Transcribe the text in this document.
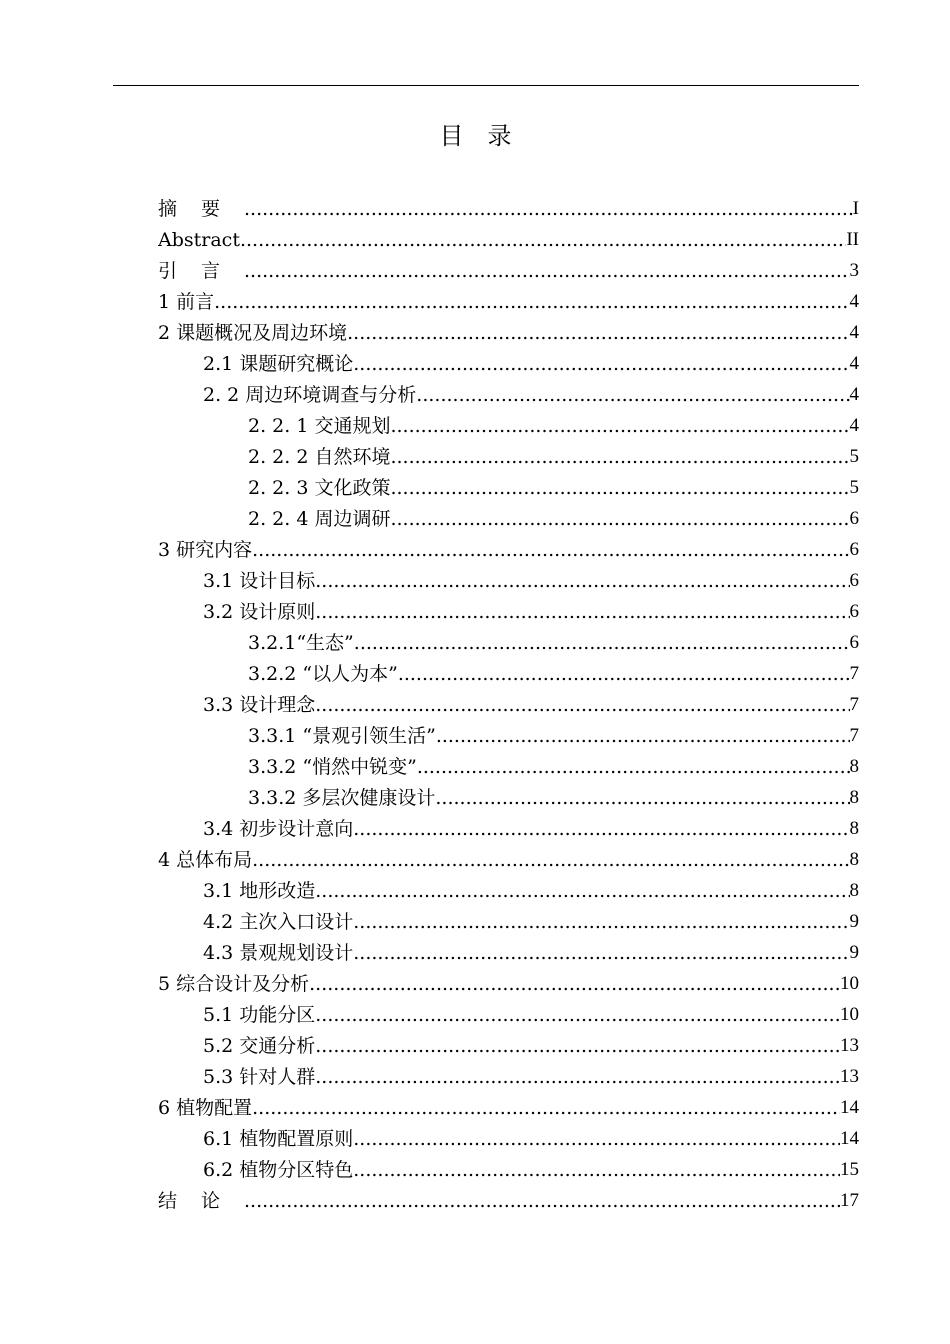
目录
摘要 .....	I
Abstract .....	II
引言 .....	3
1 前言 .....	4
2 课题概况及周边环境 .....	4
2.1 课题研究概论 .....	4
2. 2 周边环境调查与分析 .....	4
2. 2. 1 交通规划 .....	4
2. 2. 2 自然环境 .....	5
2. 2. 3 文化政策 .....	5
2. 2. 4 周边调研 .....	6
3 研究内容 .....	6
3.1 设计目标 .....	6
3.2 设计原则 .....	6
3.2.1“生态” .....	6
3.2.2 “以人为本” .....	7
3.3 设计理念 .....	7
3.3.1 “景观引领生活” .....	7
3.3.2 “悄然中锐变” .....	8
3.3.2 多层次健康设计 .....	8
3.4 初步设计意向 .....	8
4 总体布局 .....	8
3.1 地形改造 .....	8
4.2 主次入口设计 .....	9
4.3 景观规划设计 .....	9
5 综合设计及分析 .....	10
5.1 功能分区 .....	10
5.2 交通分析 .....	13
5.3 针对人群 .....	13
6 植物配置 .....	14
6.1 植物配置原则 .....	14
6.2 植物分区特色 .....	15
结论 .....	17
